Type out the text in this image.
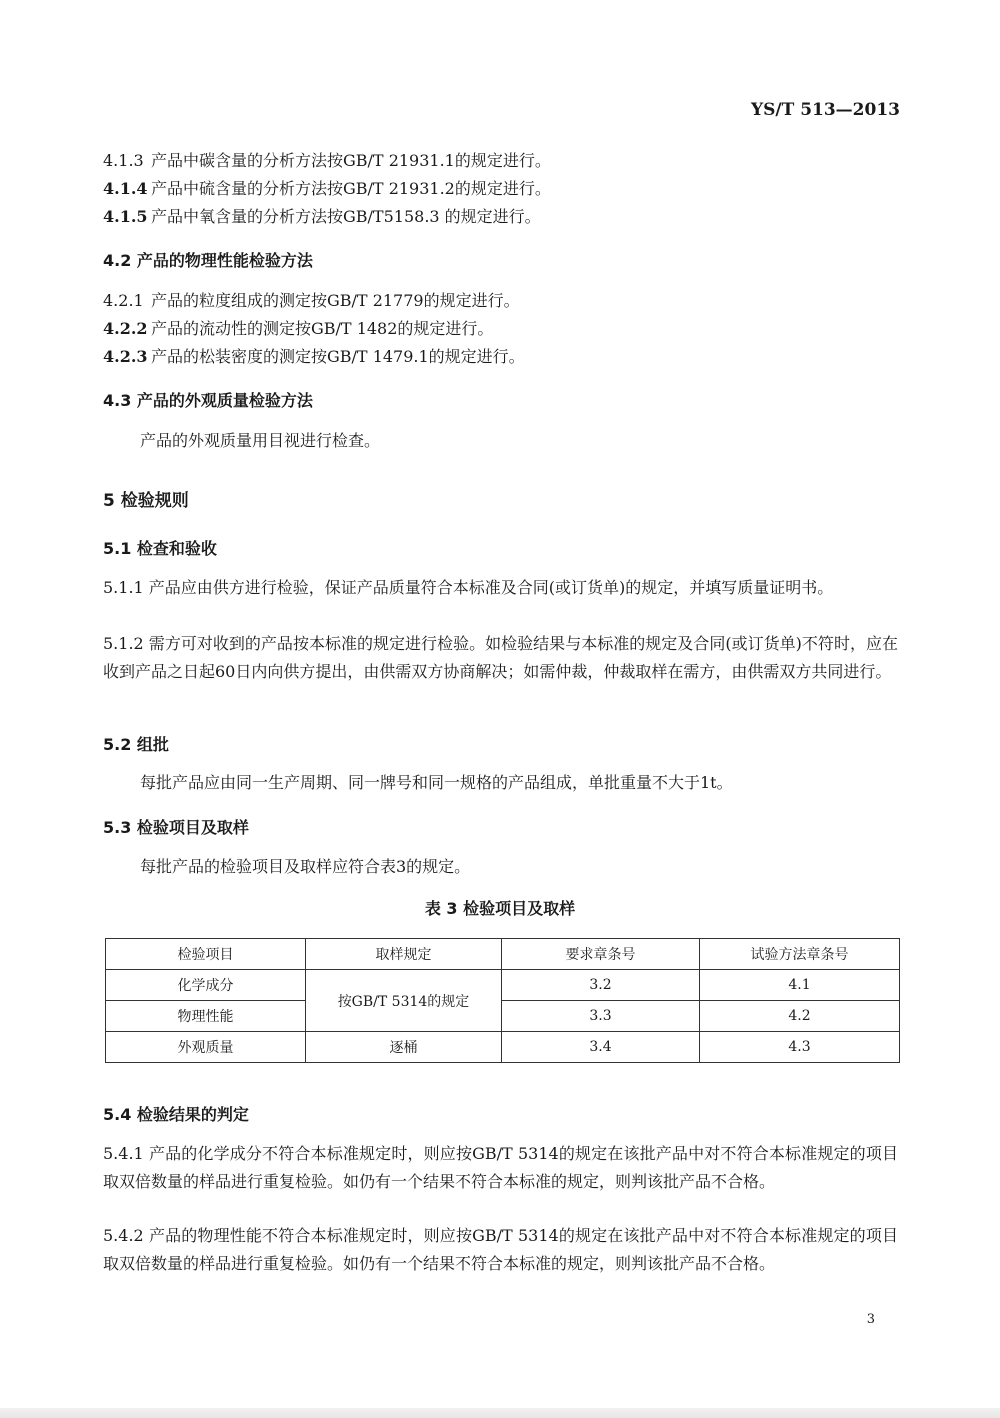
YS/T 513—2013
4.1.3 产品中碳含量的分析方法按GB/T 21931.1的规定进行。
4.1.4 产品中硫含量的分析方法按GB/T 21931.2的规定进行。
4.1.5 产品中氧含量的分析方法按GB/T5158.3 的规定进行。
4.2 产品的物理性能检验方法
4.2.1 产品的粒度组成的测定按GB/T 21779的规定进行。
4.2.2 产品的流动性的测定按GB/T 1482的规定进行。
4.2.3 产品的松装密度的测定按GB/T 1479.1的规定进行。
4.3 产品的外观质量检验方法
产品的外观质量用目视进行检查。
5 检验规则
5.1 检查和验收
5.1.1 产品应由供方进行检验，保证产品质量符合本标准及合同(或订货单)的规定，并填写质量证明书。
5.1.2 需方可对收到的产品按本标准的规定进行检验。如检验结果与本标准的规定及合同(或订货单)不符时，应在收到产品之日起60日内向供方提出，由供需双方协商解决；如需仲裁，仲裁取样在需方，由供需双方共同进行。
5.2 组批
每批产品应由同一生产周期、同一牌号和同一规格的产品组成，单批重量不大于1t。
5.3 检验项目及取样
每批产品的检验项目及取样应符合表3的规定。
表 3 检验项目及取样
检验项目	取样规定	要求章条号	试验方法章条号
化学成分	按GB/T 5314的规定	3.2	4.1
物理性能		3.3	4.2
外观质量	逐桶	3.4	4.3
5.4 检验结果的判定
5.4.1 产品的化学成分不符合本标准规定时，则应按GB/T 5314的规定在该批产品中对不符合本标准规定的项目取双倍数量的样品进行重复检验。如仍有一个结果不符合本标准的规定，则判该批产品不合格。
5.4.2 产品的物理性能不符合本标准规定时，则应按GB/T 5314的规定在该批产品中对不符合本标准规定的项目取双倍数量的样品进行重复检验。如仍有一个结果不符合本标准的规定，则判该批产品不合格。
3
